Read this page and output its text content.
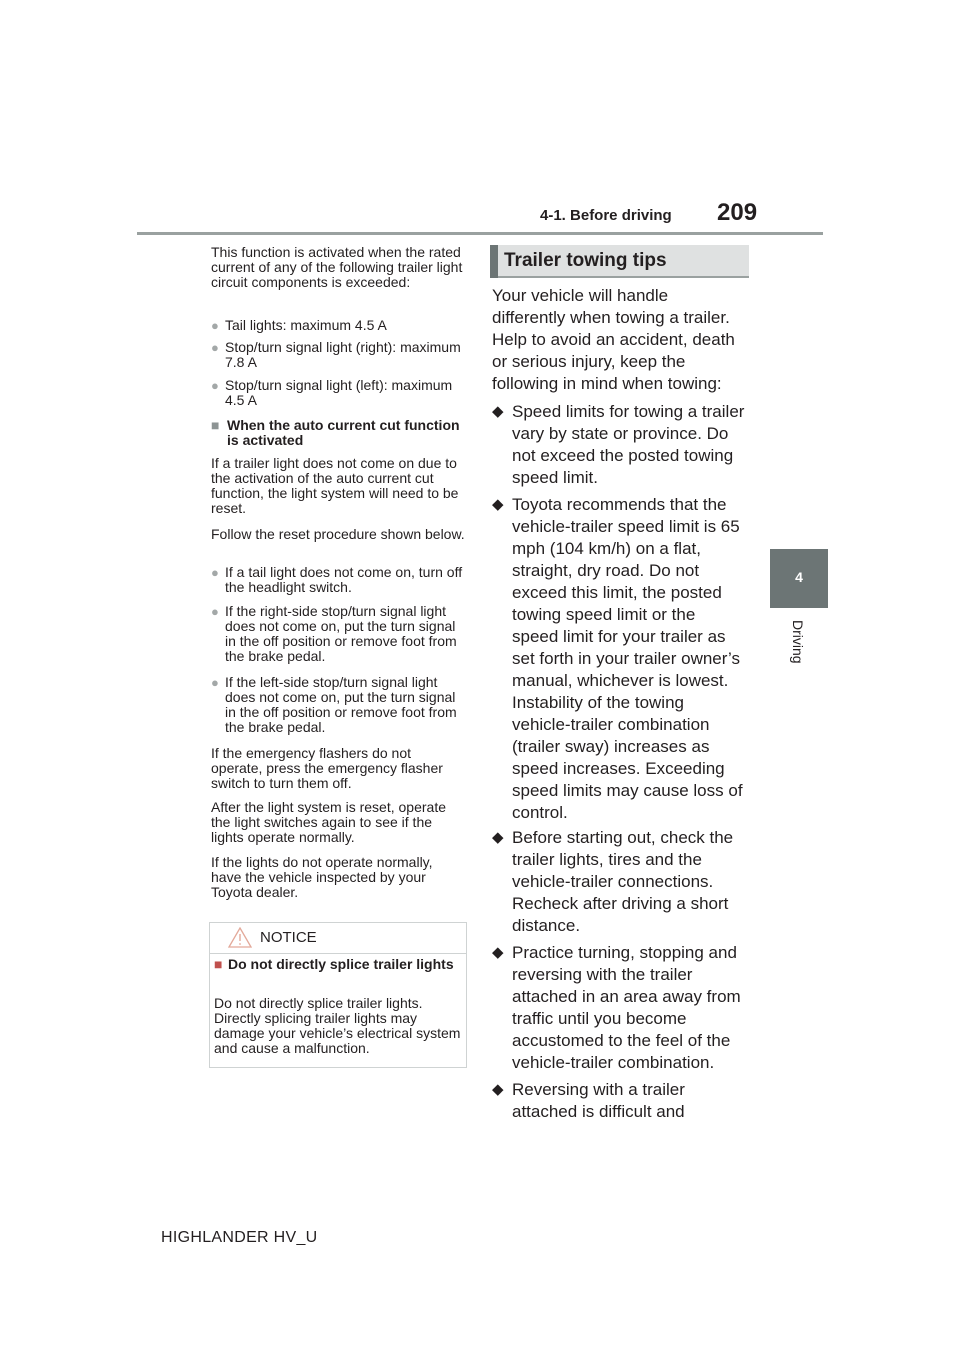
4-1. Before driving 209
4
Driving
This function is activated when the rated current of any of the following trailer light circuit components is exceeded:
● Tail lights: maximum 4.5 A
● Stop/turn signal light (right): maximum 7.8 A
● Stop/turn signal light (left): maximum 4.5 A
■ When the auto current cut function is activated
If a trailer light does not come on due to the activation of the auto current cut function, the light system will need to be reset.
Follow the reset procedure shown below.
● If a tail light does not come on, turn off the headlight switch.
● If the right-side stop/turn signal light does not come on, put the turn signal in the off position or remove foot from the brake pedal.
● If the left-side stop/turn signal light does not come on, put the turn signal in the off position or remove foot from the brake pedal.
If the emergency flashers do not operate, press the emergency flasher switch to turn them off.
After the light system is reset, operate the light switches again to see if the lights operate normally.
If the lights do not operate normally, have the vehicle inspected by your Toyota dealer.
NOTICE
■ Do not directly splice trailer lights
Do not directly splice trailer lights. Directly splicing trailer lights may damage your vehicle’s electrical system and cause a malfunction.
Trailer towing tips
Your vehicle will handle differently when towing a trailer. Help to avoid an accident, death or serious injury, keep the following in mind when towing:
◆ Speed limits for towing a trailer vary by state or province. Do not exceed the posted towing speed limit.
◆ Toyota recommends that the vehicle-trailer speed limit is 65 mph (104 km/h) on a flat, straight, dry road. Do not exceed this limit, the posted towing speed limit or the speed limit for your trailer as set forth in your trailer owner’s manual, whichever is lowest. Instability of the towing vehicle-trailer combination (trailer sway) increases as speed increases. Exceeding speed limits may cause loss of control.
◆ Before starting out, check the trailer lights, tires and the vehicle-trailer connections. Recheck after driving a short distance.
◆ Practice turning, stopping and reversing with the trailer attached in an area away from traffic until you become accustomed to the feel of the vehicle-trailer combination.
◆ Reversing with a trailer attached is difficult and
HIGHLANDER HV_U
